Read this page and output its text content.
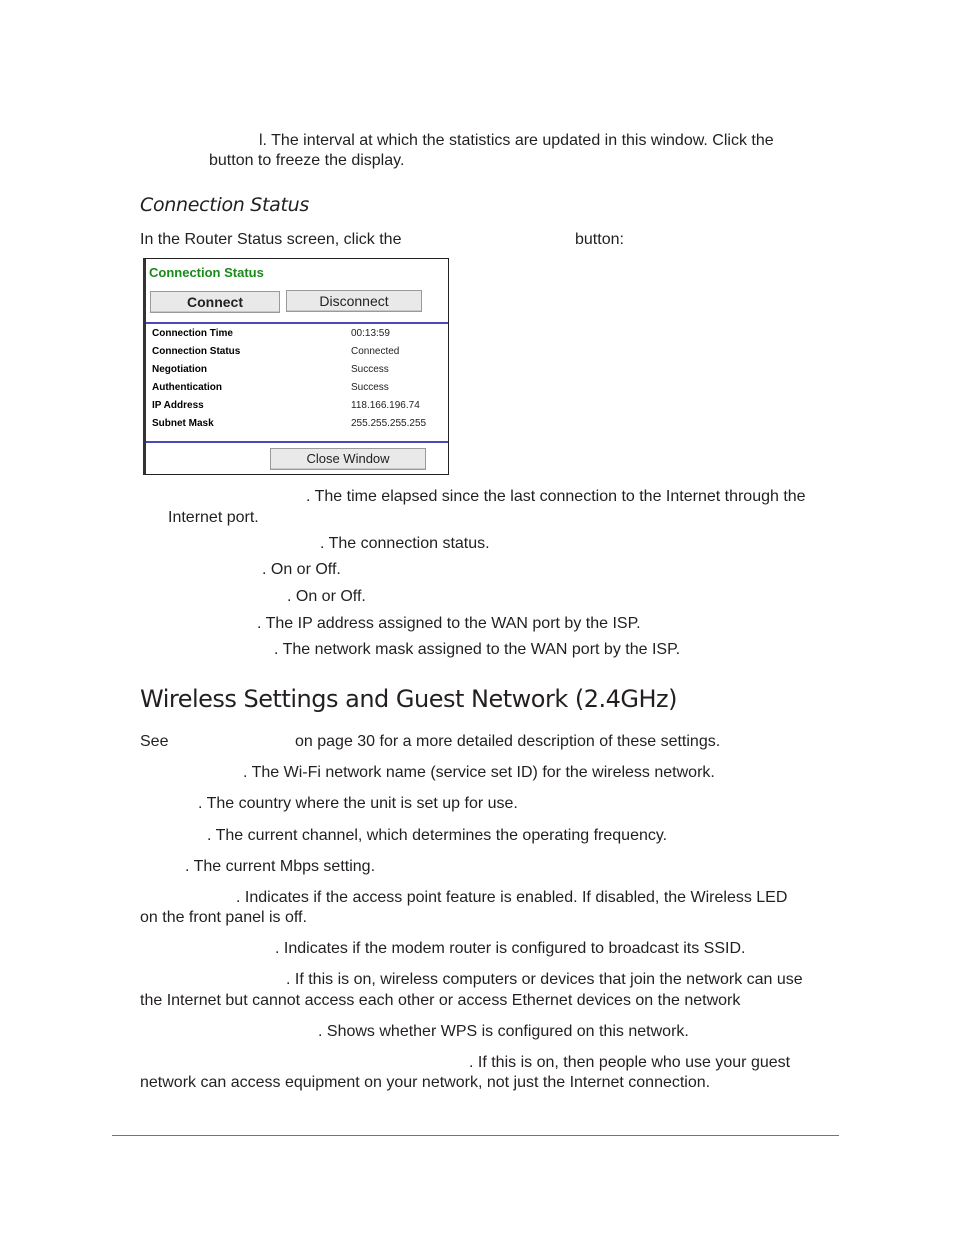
l. The interval at which the statistics are updated in this window. Click the
button to freeze the display.
Connection Status
In the Router Status screen, click the	button:
Connection Status
Connect	Disconnect
Connection Time	00:13:59
Connection Status	Connected
Negotiation	Success
Authentication	Success
IP Address	118.166.196.74
Subnet Mask	255.255.255.255
Close Window
. The time elapsed since the last connection to the Internet through the
Internet port.
. The connection status.
. On or Off.
. On or Off.
. The IP address assigned to the WAN port by the ISP.
. The network mask assigned to the WAN port by the ISP.
Wireless Settings and Guest Network (2.4GHz)
See	on page 30 for a more detailed description of these settings.
. The Wi-Fi network name (service set ID) for the wireless network.
. The country where the unit is set up for use.
. The current channel, which determines the operating frequency.
. The current Mbps setting.
. Indicates if the access point feature is enabled. If disabled, the Wireless LED
on the front panel is off.
. Indicates if the modem router is configured to broadcast its SSID.
. If this is on, wireless computers or devices that join the network can use
the Internet but cannot access each other or access Ethernet devices on the network
. Shows whether WPS is configured on this network.
. If this is on, then people who use your guest
network can access equipment on your network, not just the Internet connection.
